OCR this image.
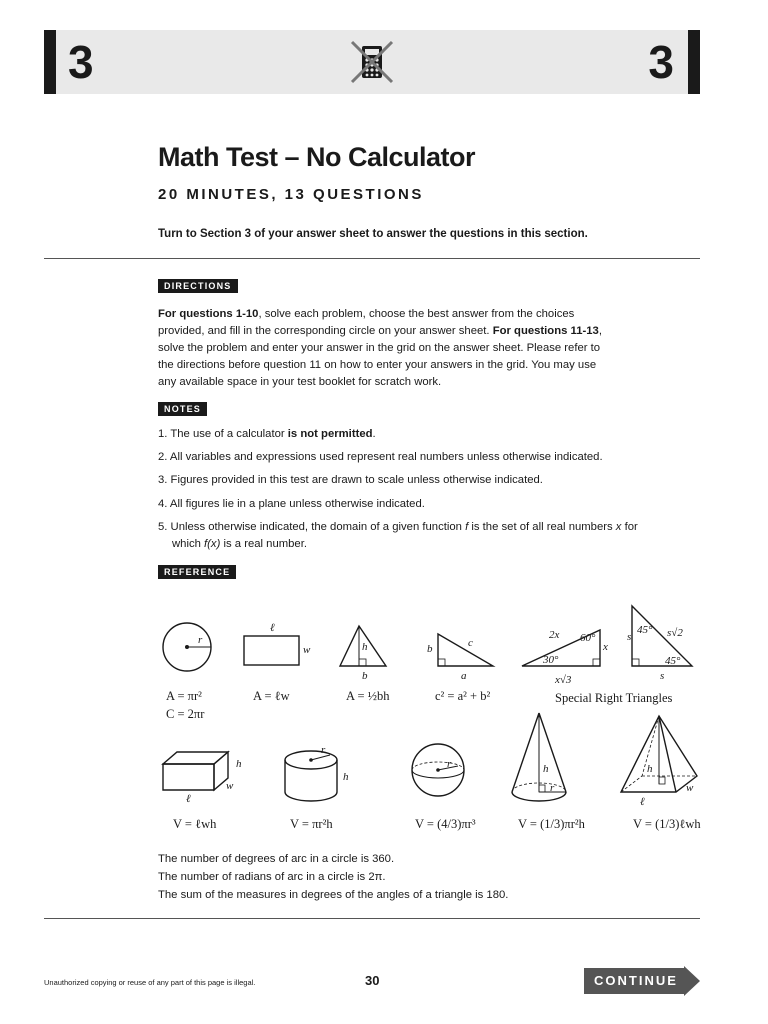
3	3
Math Test – No Calculator
20 MINUTES, 13 QUESTIONS
Turn to Section 3 of your answer sheet to answer the questions in this section.
DIRECTIONS

For questions 1-10, solve each problem, choose the best answer from the choices

provided, and fill in the corresponding circle on your answer sheet. For questions 11-13,

solve the problem and enter your answer in the grid on the answer sheet. Please refer to

the directions before question 11 on how to enter your answers in the grid. You may use

any available space in your test booklet for scratch work.

NOTES
1. The use of a calculator is not permitted.
2. All variables and expressions used represent real numbers unless otherwise indicated.
3. Figures provided in this test are drawn to scale unless otherwise indicated.
4. All figures lie in a plane unless otherwise indicated.
5. Unless otherwise indicated, the domain of a given function f is the set of all real numbers x for
which f(x) is a real number.
REFERENCE
r
ℓ
w	h
b
b	c
a
2x 60°
x
30°
x√3
s
45° s√2
45°
s
h
w
ℓ
r
h
r	h
r
h
w
ℓ
A = πr²
C = 2πr
A = ℓw	A = ½bh	c² = a² + b²	Special Right Triangles
V = ℓwh	V = πr²h	V = (4/3)πr³	V = (1/3)πr²h	V = (1/3)ℓwh

The number of degrees of arc in a circle is 360.

The number of radians of arc in a circle is 2π.

The sum of the measures in degrees of the angles of a triangle is 180.

Unauthorized copying or reuse of any part of this page is illegal.	30	CONTINUE
